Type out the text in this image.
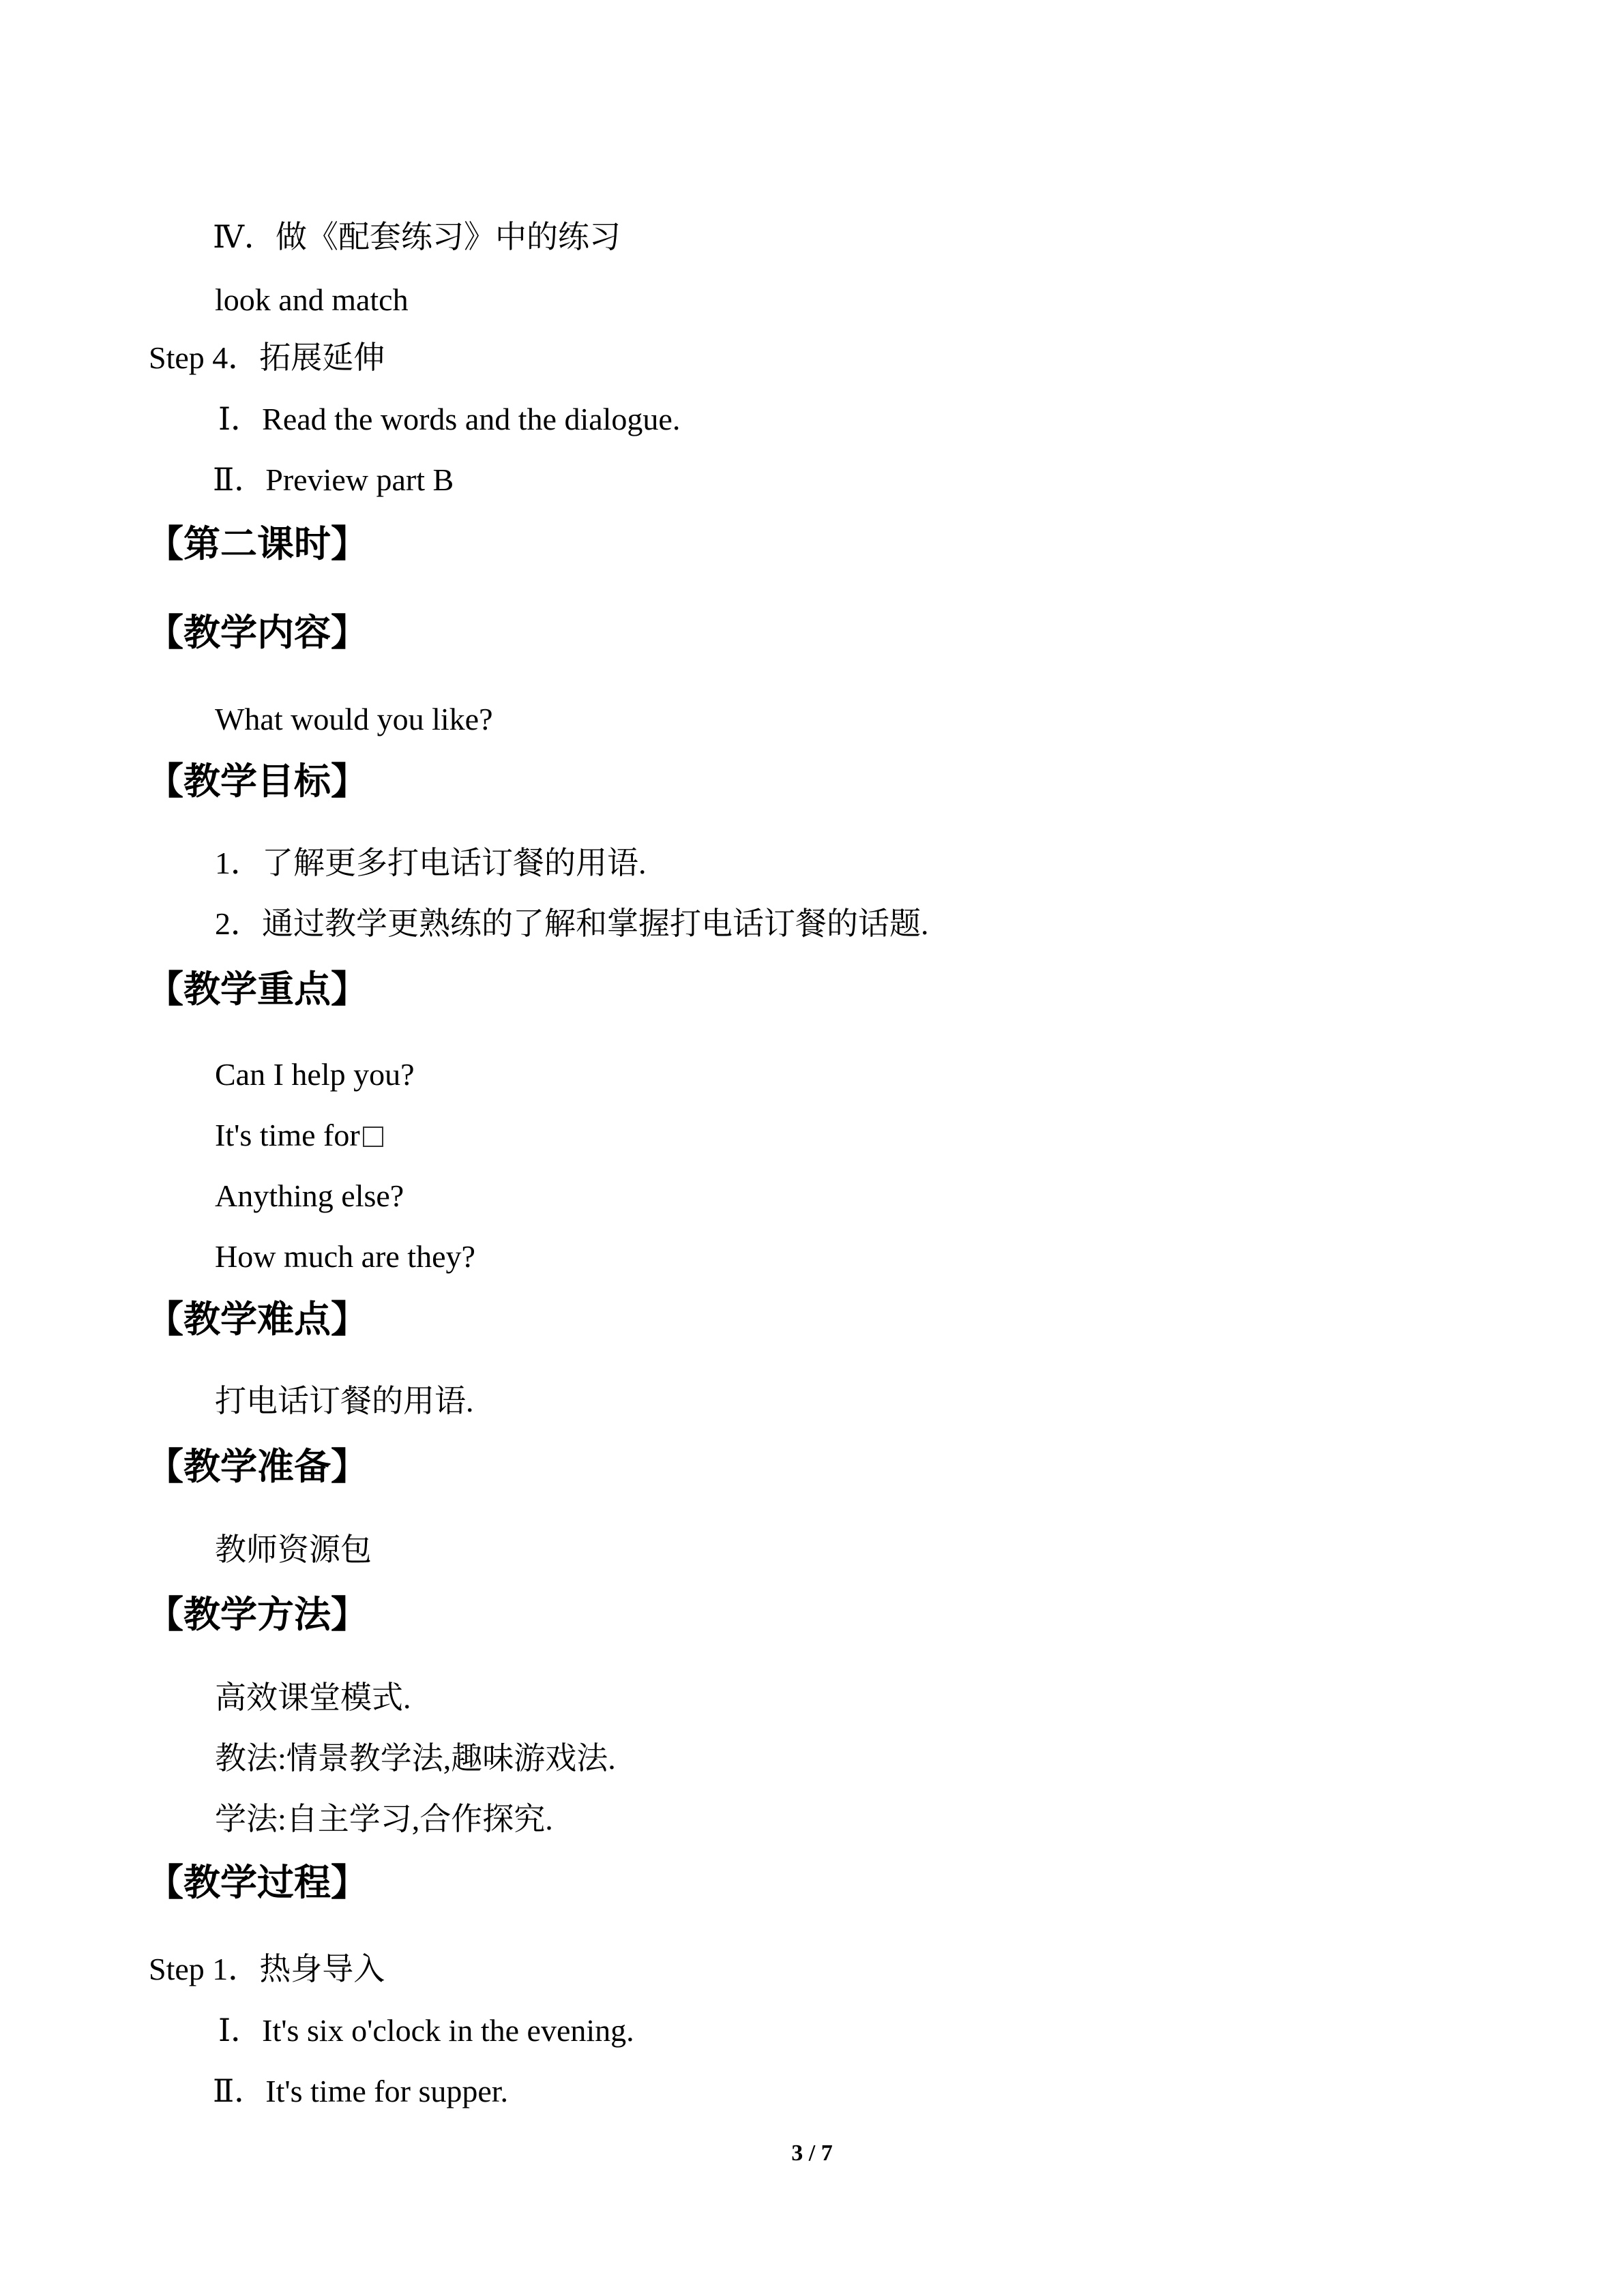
Ⅳ．做《配套练习》中的练习
look and match
Step 4．拓展延伸
Ⅰ．Read the words and the dialogue.
Ⅱ．Preview part B
【第二课时】
【教学内容】
What would you like?
【教学目标】
1．了解更多打电话订餐的用语.
2．通过教学更熟练的了解和掌握打电话订餐的话题.
【教学重点】
Can I help you?
It's time for
Anything else?
How much are they?
【教学难点】
打电话订餐的用语.
【教学准备】
教师资源包
【教学方法】
高效课堂模式.
教法:情景教学法,趣味游戏法.
学法:自主学习,合作探究.
【教学过程】
Step 1．热身导入
Ⅰ．It's six o'clock in the evening.
Ⅱ．It's time for supper.
3 / 7
